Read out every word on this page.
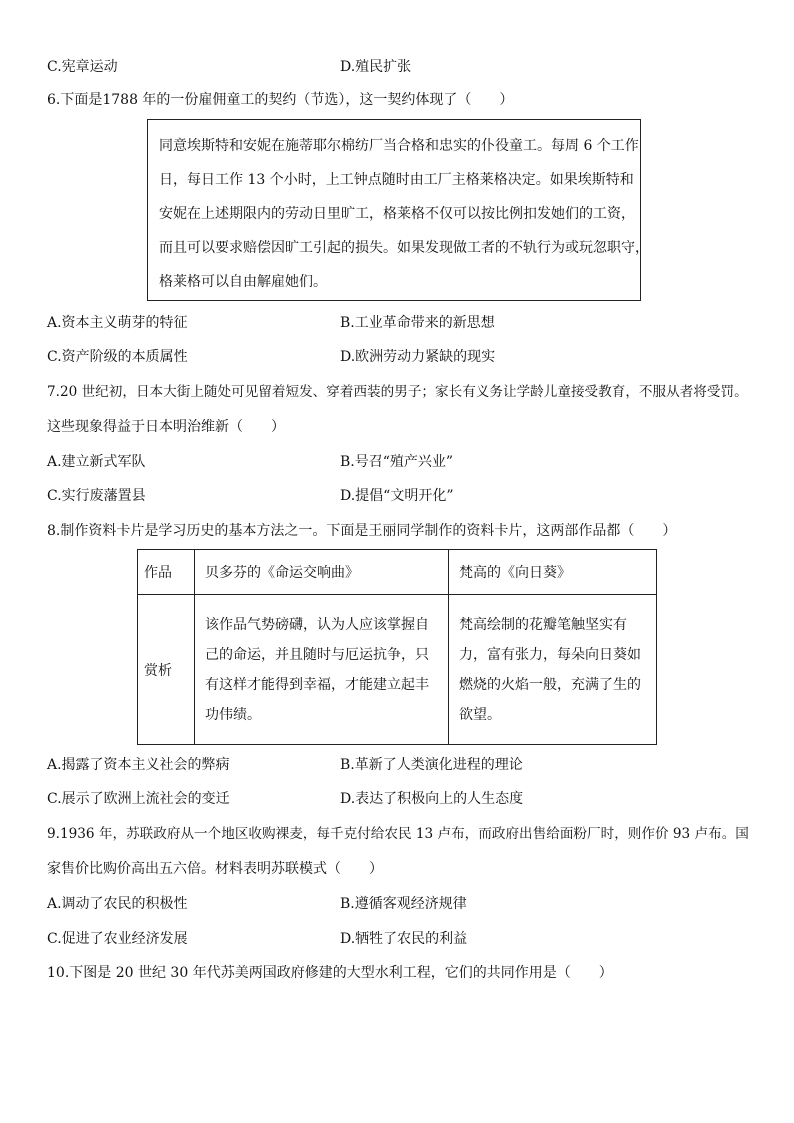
C.宪章运动	D.殖民扩张
6.下面是1788 年的一份雇佣童工的契约（节选），这一契约体现了（　　）

同意埃斯特和安妮在施蒂耶尔棉纺厂当合格和忠实的仆役童工。每周 6 个工作

日，每日工作 13 个小时，上工钟点随时由工厂主格莱格决定。如果埃斯特和

安妮在上述期限内的劳动日里旷工，格莱格不仅可以按比例扣发她们的工资，

而且可以要求赔偿因旷工引起的损失。如果发现做工者的不轨行为或玩忽职守，

格莱格可以自由解雇她们。

A.资本主义萌芽的特征	B.工业革命带来的新思想
C.资产阶级的本质属性	D.欧洲劳动力紧缺的现实
7.20 世纪初，日本大街上随处可见留着短发、穿着西装的男子；家长有义务让学龄儿童接受教育，不服从者将受罚。
这些现象得益于日本明治维新（　　）
A.建立新式军队	B.号召“殖产兴业”
C.实行废藩置县	D.提倡“文明开化”
8.制作资料卡片是学习历史的基本方法之一。下面是王丽同学制作的资料卡片，这两部作品都（　　）
作品	贝多芬的《命运交响曲》	梵高的《向日葵》
赏析	该作品气势磅礴，认为人应该掌握自己的命运，并且随时与厄运抗争，只有这样才能得到幸福，才能建立起丰功伟绩。	梵高绘制的花瓣笔触坚实有力，富有张力，每朵向日葵如燃烧的火焰一般，充满了生的欲望。
A.揭露了资本主义社会的弊病	B.革新了人类演化进程的理论
C.展示了欧洲上流社会的变迁	D.表达了积极向上的人生态度
9.1936 年，苏联政府从一个地区收购裸麦，每千克付给农民 13 卢布，而政府出售给面粉厂时，则作价 93 卢布。国
家售价比购价高出五六倍。材料表明苏联模式（　　）
A.调动了农民的积极性	B.遵循客观经济规律
C.促进了农业经济发展	D.牺牲了农民的利益
10.下图是 20 世纪 30 年代苏美两国政府修建的大型水利工程，它们的共同作用是（　　）
